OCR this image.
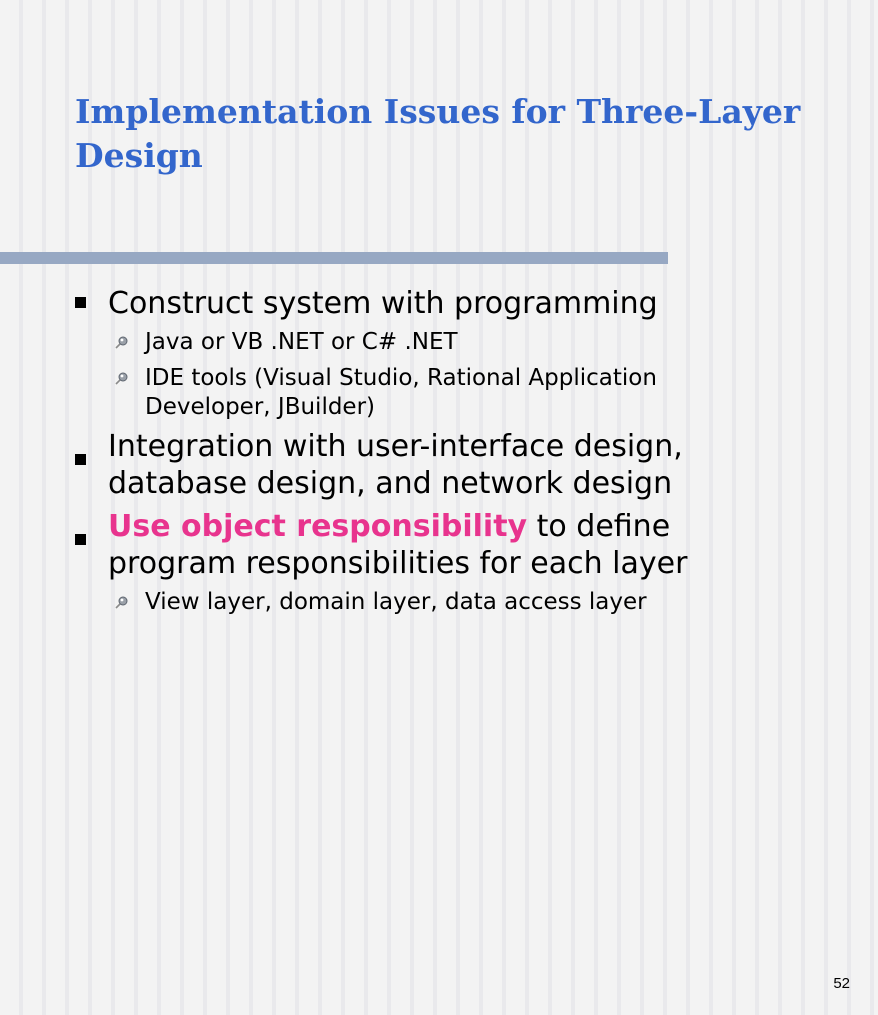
Implementation Issues for Three-Layer Design

Construct system with programming

Java or VB .NET or C# .NET

IDE tools (Visual Studio, Rational Application Developer, JBuilder)

Integration with user-interface design, database design, and network design

Use object responsibility to define program responsibilities for each layer

View layer, domain layer, data access layer

52
